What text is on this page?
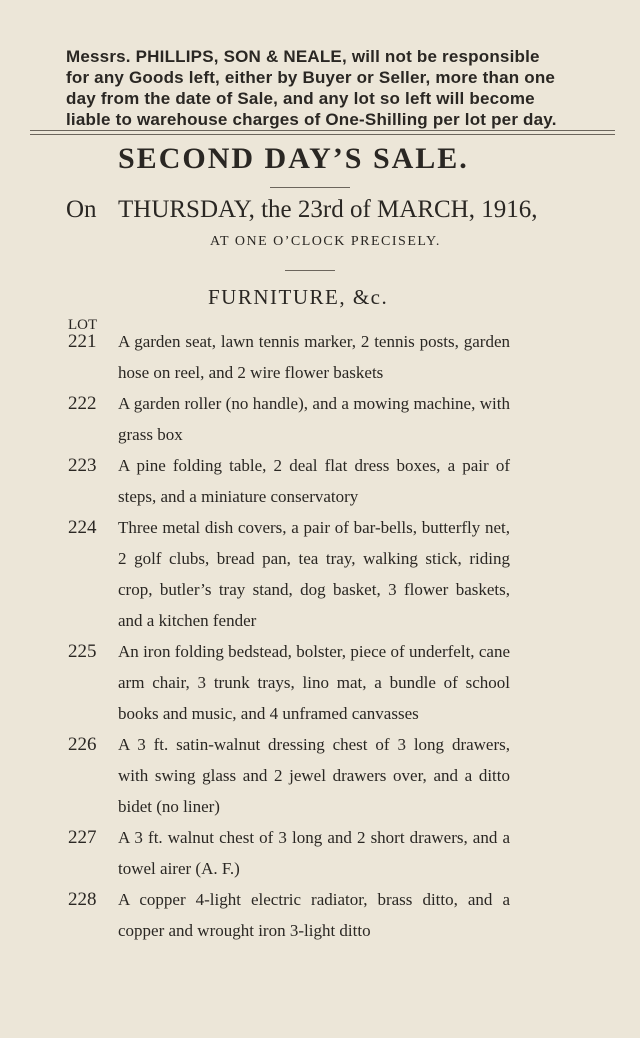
Messrs. PHILLIPS, SON & NEALE, will not be responsible
for any Goods left, either by Buyer or Seller, more than one
day from the date of Sale, and any lot so left will become
liable to warehouse charges of One-Shilling per lot per day.
SECOND DAY’S SALE.
On THURSDAY, the 23rd of MARCH, 1916,
AT ONE O’CLOCK PRECISELY.
FURNITURE, &c.
LOT
221 A garden seat, lawn tennis marker, 2 tennis posts, garden hose on reel, and 2 wire flower baskets
222 A garden roller (no handle), and a mowing machine, with grass box
223 A pine folding table, 2 deal flat dress boxes, a pair of steps, and a miniature conservatory
224 Three metal dish covers, a pair of bar-bells, butterfly net, 2 golf clubs, bread pan, tea tray, walking stick, riding crop, butler’s tray stand, dog basket, 3 flower baskets, and a kitchen fender
225 An iron folding bedstead, bolster, piece of underfelt, cane arm chair, 3 trunk trays, lino mat, a bundle of school books and music, and 4 unframed canvasses
226 A 3 ft. satin-walnut dressing chest of 3 long drawers, with swing glass and 2 jewel drawers over, and a ditto bidet (no liner)
227 A 3 ft. walnut chest of 3 long and 2 short drawers, and a towel airer (A. F.)
228 A copper 4-light electric radiator, brass ditto, and a copper and wrought iron 3-light ditto
